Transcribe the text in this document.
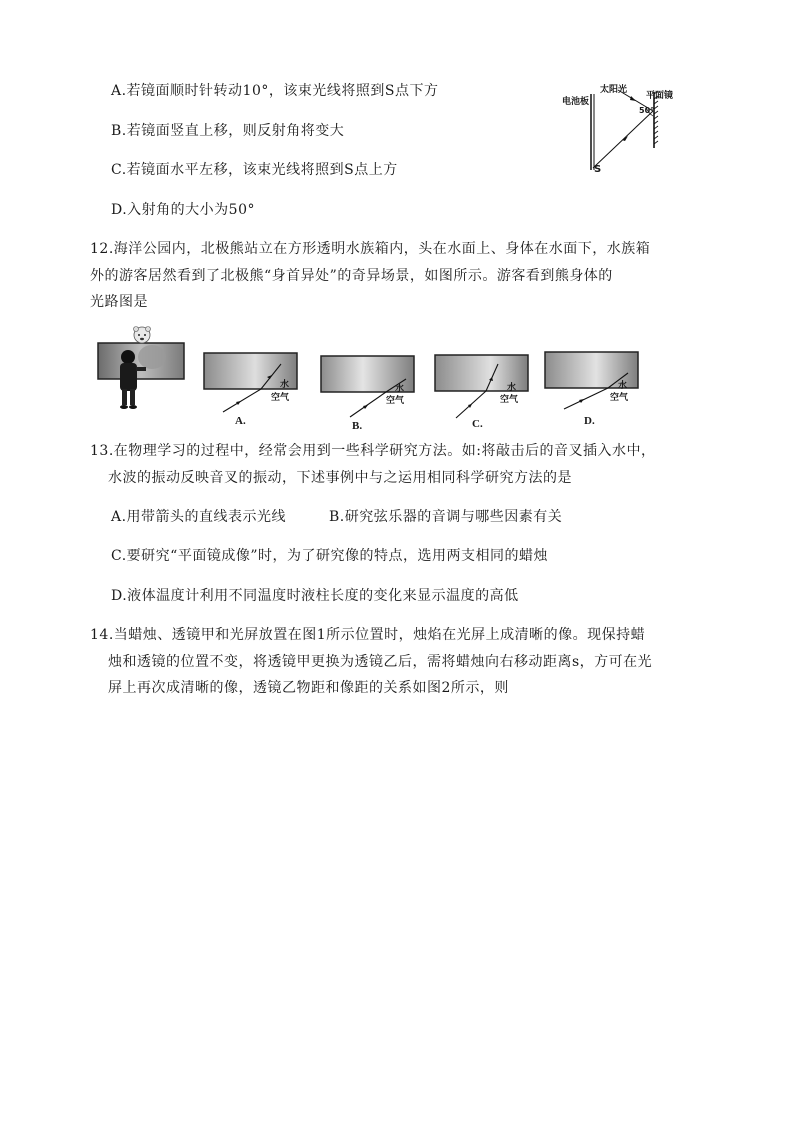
A.若镜面顺时针转动10°，该束光线将照到S点下方
B.若镜面竖直上移，则反射角将变大
C.若镜面水平左移，该束光线将照到S点上方
D.入射角的大小为50°
电池板
太阳光
平面镜
50°
S
12.海洋公园内，北极熊站立在方形透明水族箱内，头在水面上、身体在水面下，水族箱
外的游客居然看到了北极熊“身首异处”的奇异场景，如图所示。游客看到熊身体的
光路图是
水
空气
A.
水
空气
B.
水
空气
C.
水
空气
D.
13.在物理学习的过程中，经常会用到一些科学研究方法。如:将敲击后的音叉插入水中，
水波的振动反映音叉的振动，下述事例中与之运用相同科学研究方法的是
A.用带箭头的直线表示光线	B.研究弦乐器的音调与哪些因素有关
C.要研究“平面镜成像”时，为了研究像的特点，选用两支相同的蜡烛
D.液体温度计利用不同温度时液柱长度的变化来显示温度的高低
14.当蜡烛、透镜甲和光屏放置在图1所示位置时，烛焰在光屏上成清晰的像。现保持蜡
烛和透镜的位置不变，将透镜甲更换为透镜乙后，需将蜡烛向右移动距离s，方可在光
屏上再次成清晰的像，透镜乙物距和像距的关系如图2所示，则
